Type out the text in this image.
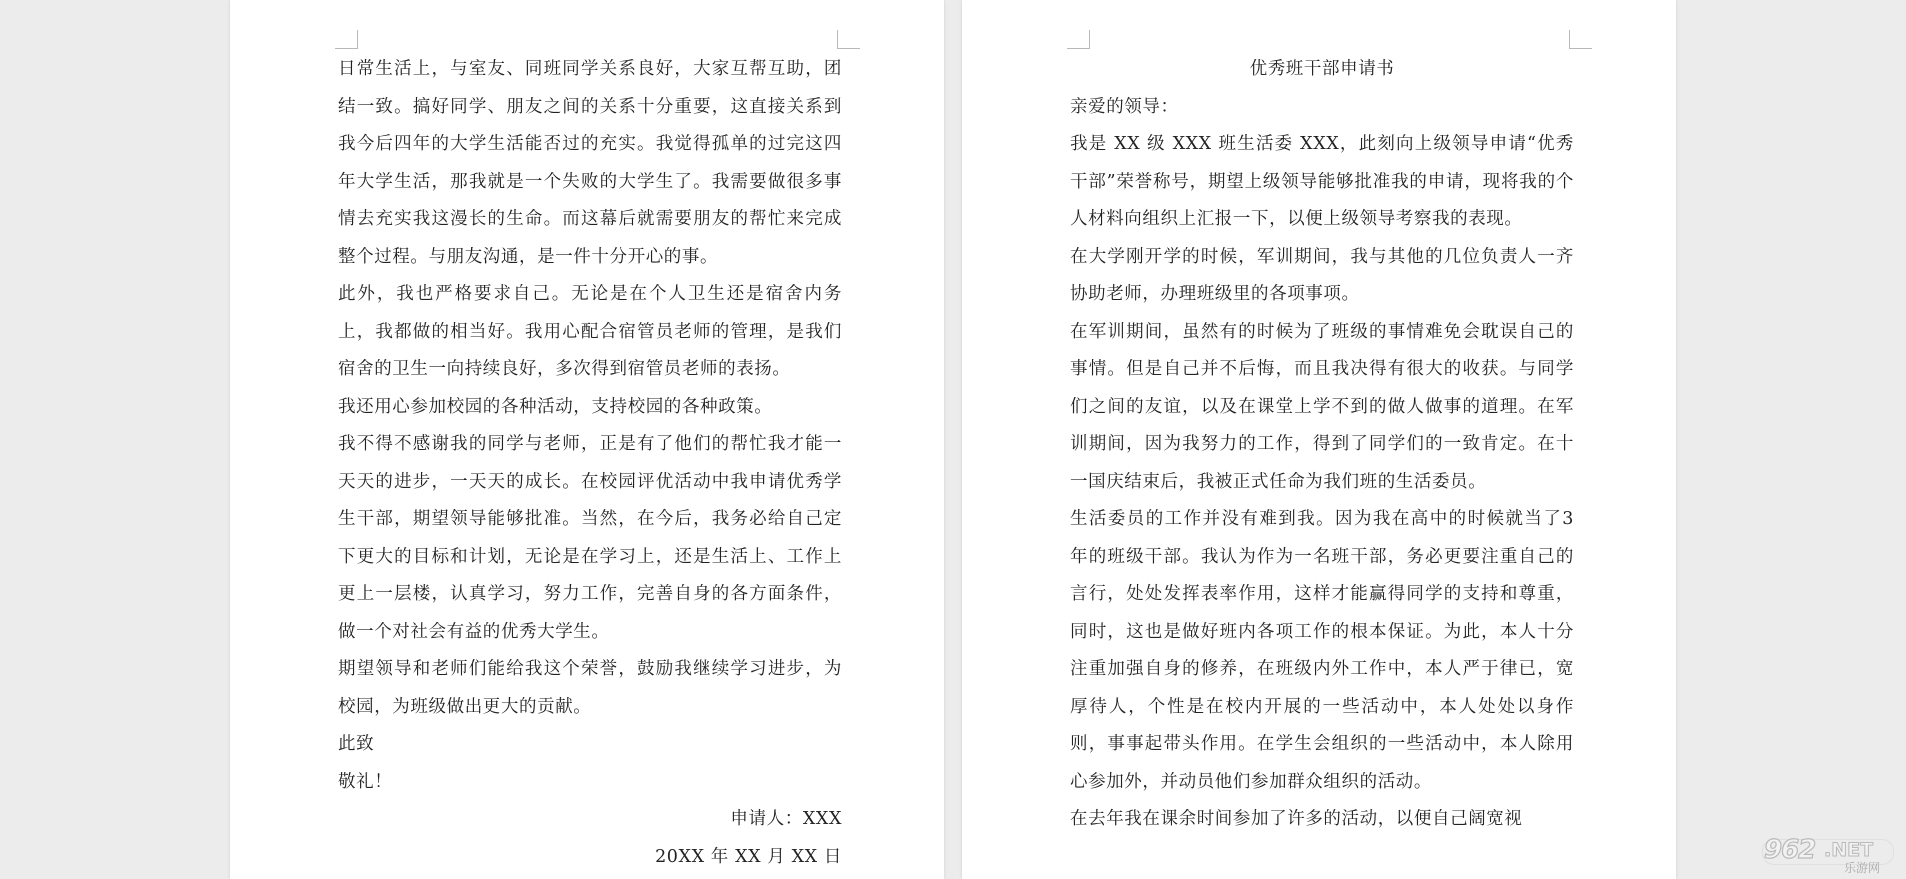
日常生活上，与室友、同班同学关系良好，大家互帮互助，团结一致。搞好同学、朋友之间的关系十分重要，这直接关系到我今后四年的大学生活能否过的充实。我觉得孤单的过完这四年大学生活，那我就是一个失败的大学生了。我需要做很多事情去充实我这漫长的生命。而这幕后就需要朋友的帮忙来完成整个过程。与朋友沟通，是一件十分开心的事。

此外，我也严格要求自己。无论是在个人卫生还是宿舍内务上，我都做的相当好。我用心配合宿管员老师的管理，是我们宿舍的卫生一向持续良好，多次得到宿管员老师的表扬。

我还用心参加校园的各种活动，支持校园的各种政策。

我不得不感谢我的同学与老师，正是有了他们的帮忙我才能一天天的进步，一天天的成长。在校园评优活动中我申请优秀学生干部，期望领导能够批准。当然，在今后，我务必给自己定下更大的目标和计划，无论是在学习上，还是生活上、工作上更上一层楼，认真学习，努力工作，完善自身的各方面条件，做一个对社会有益的优秀大学生。

期望领导和老师们能给我这个荣誉，鼓励我继续学习进步，为校园，为班级做出更大的贡献。

此致

敬礼！

申请人：XXX

20XX 年 XX 月 XX 日

优秀班干部申请书

亲爱的领导：

我是 XX 级 XXX 班生活委 XXX，此刻向上级领导申请“优秀干部”荣誉称号，期望上级领导能够批准我的申请，现将我的个人材料向组织上汇报一下，以便上级领导考察我的表现。

在大学刚开学的时候，军训期间，我与其他的几位负责人一齐协助老师，办理班级里的各项事项。

在军训期间，虽然有的时候为了班级的事情难免会耽误自己的事情。但是自己并不后悔，而且我决得有很大的收获。与同学们之间的友谊，以及在课堂上学不到的做人做事的道理。在军训期间，因为我努力的工作，得到了同学们的一致肯定。在十一国庆结束后，我被正式任命为我们班的生活委员。

生活委员的工作并没有难到我。因为我在高中的时候就当了3 年的班级干部。我认为作为一名班干部，务必更要注重自己的言行，处处发挥表率作用，这样才能赢得同学的支持和尊重，同时，这也是做好班内各项工作的根本保证。为此，本人十分注重加强自身的修养，在班级内外工作中，本人严于律已，宽厚待人，个性是在校内开展的一些活动中，本人处处以身作则，事事起带头作用。在学生会组织的一些活动中，本人除用心参加外，并动员他们参加群众组织的活动。

在去年我在课余时间参加了许多的活动，以便自己阔宽视

962 .NET
乐游网
